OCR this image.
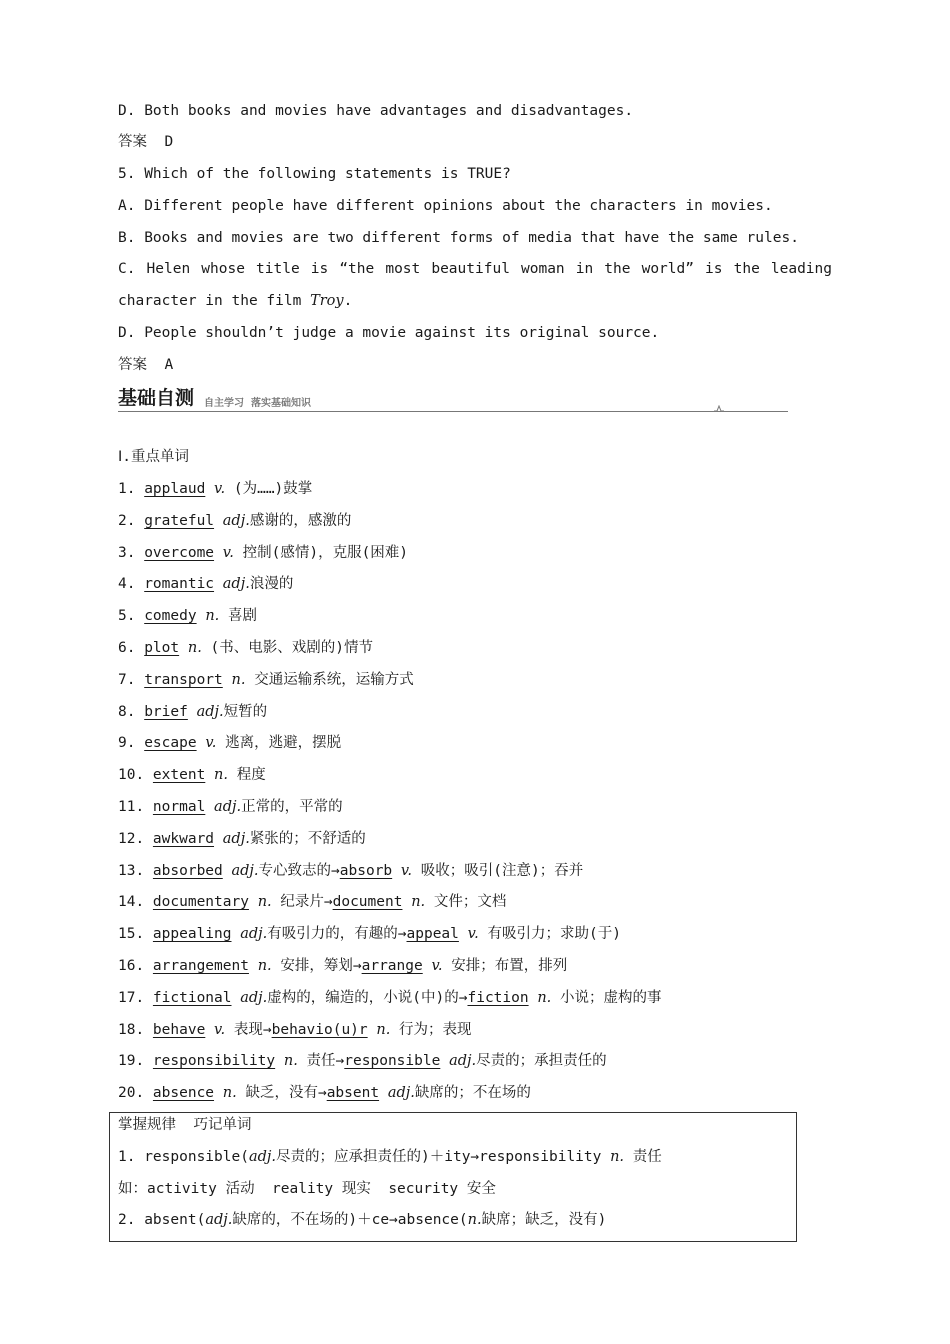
D. Both books and movies have advantages and disadvantages.
答案  D
5. Which of the following statements is TRUE?
A. Different people have different opinions about the characters in movies.
B. Books and movies are two different forms of media that have the same rules.
C. Helen whose title is “the most beautiful woman in the world” is the leading
character in the film Troy.
D. People shouldn’t judge a movie against its original source.
答案  A
基础自测 自主学习  落实基础知识
Ⅰ.重点单词
1. applaud v. (为……)鼓掌
2. grateful adj.感谢的，感激的
3. overcome v. 控制(感情)，克服(困难)
4. romantic adj.浪漫的
5. comedy n. 喜剧
6. plot n. (书、电影、戏剧的)情节
7. transport n. 交通运输系统，运输方式
8. brief adj.短暂的
9. escape v. 逃离，逃避，摆脱
10. extent n. 程度
11. normal adj.正常的，平常的
12. awkward adj.紧张的；不舒适的
13. absorbed adj.专心致志的→absorb v. 吸收；吸引(注意)；吞并
14. documentary n. 纪录片→document n. 文件；文档
15. appealing adj.有吸引力的，有趣的→appeal v. 有吸引力；求助(于)
16. arrangement n. 安排，筹划→arrange v. 安排；布置，排列
17. fictional adj.虚构的，编造的，小说(中)的→fiction n. 小说；虚构的事
18. behave v. 表现→behavio(u)r n. 行为；表现
19. responsibility n. 责任→responsible adj.尽责的；承担责任的
20. absence n. 缺乏，没有→absent adj.缺席的；不在场的
掌握规律  巧记单词
1. responsible(adj.尽责的；应承担责任的)＋ity→responsibility n. 责任
如：activity 活动  reality 现实  security 安全
2. absent(adj.缺席的，不在场的)＋ce→absence(n.缺席；缺乏，没有)
